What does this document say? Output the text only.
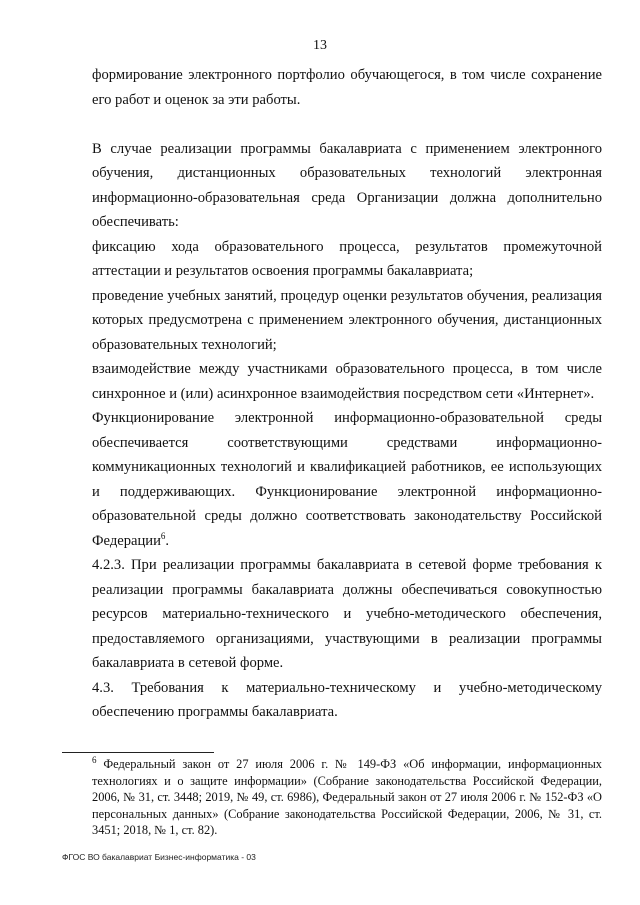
13

формирование электронного портфолио обучающегося, в том числе сохранение его работ и оценок за эти работы.

В случае реализации программы бакалавриата с применением электронного обучения, дистанционных образовательных технологий электронная информационно-образовательная среда Организации должна дополнительно обеспечивать:

фиксацию хода образовательного процесса, результатов промежуточной аттестации и результатов освоения программы бакалавриата;

проведение учебных занятий, процедур оценки результатов обучения, реализация которых предусмотрена с применением электронного обучения, дистанционных образовательных технологий;

взаимодействие между участниками образовательного процесса, в том числе синхронное и (или) асинхронное взаимодействия посредством сети «Интернет».

Функционирование электронной информационно-образовательной среды обеспечивается соответствующими средствами информационно-коммуникационных технологий и квалификацией работников, ее использующих и поддерживающих. Функционирование электронной информационно-образовательной среды должно соответствовать законодательству Российской Федерации$^6$.

4.2.3. При реализации программы бакалавриата в сетевой форме требования к реализации программы бакалавриата должны обеспечиваться совокупностью ресурсов материально-технического и учебно-методического обеспечения, предоставляемого организациями, участвующими в реализации программы бакалавриата в сетевой форме.

4.3. Требования к материально-техническому и учебно-методическому обеспечению программы бакалавриата.

$^6$ Федеральный закон от 27 июля 2006 г. № 149-ФЗ «Об информации, информационных технологиях и о защите информации» (Собрание законодательства Российской Федерации, 2006, № 31, ст. 3448; 2019, № 49, ст. 6986), Федеральный закон от 27 июля 2006 г. № 152-ФЗ «О персональных данных» (Собрание законодательства Российской Федерации, 2006, № 31, ст. 3451; 2018, № 1, ст. 82).

ФГОС ВО бакалавриат Бизнес-информатика - 03
